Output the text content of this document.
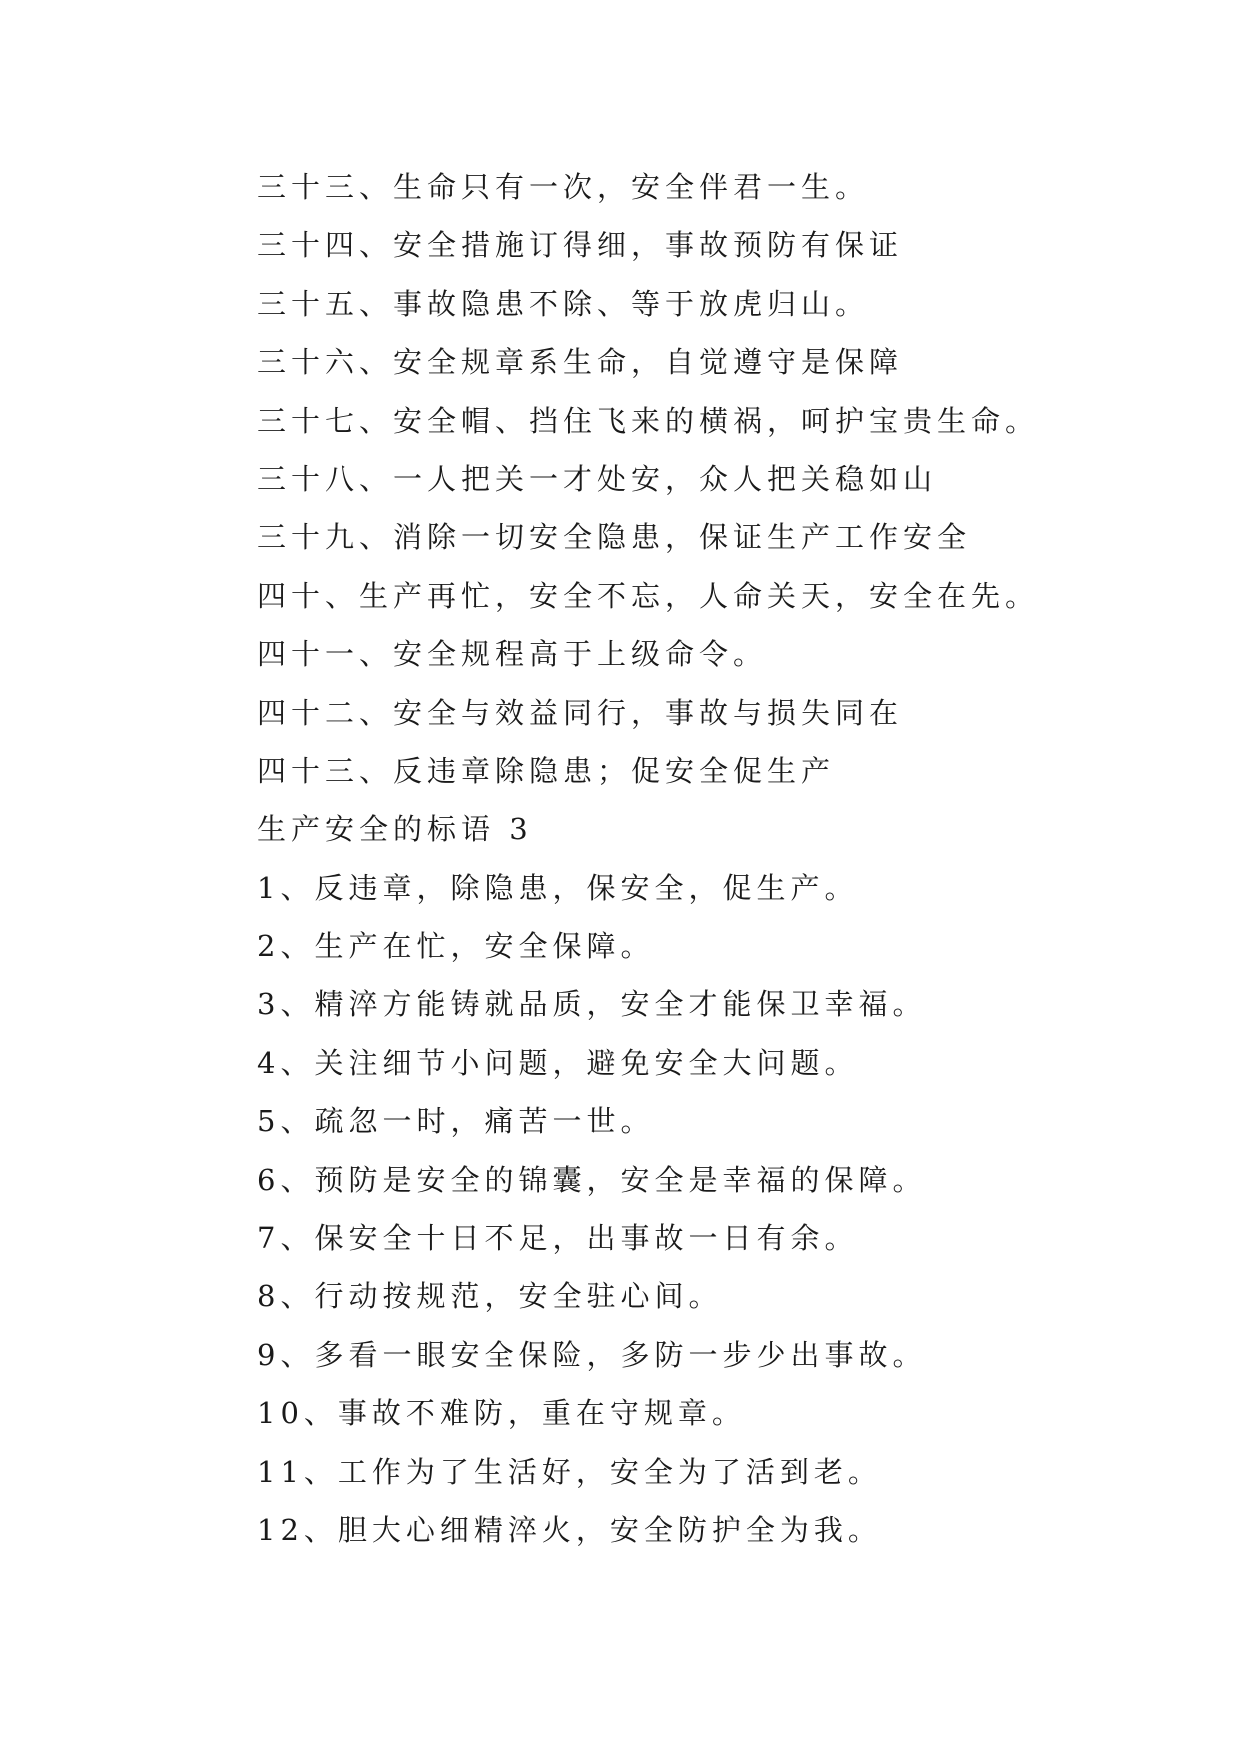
三十三、生命只有一次，安全伴君一生。
三十四、安全措施订得细，事故预防有保证
三十五、事故隐患不除、等于放虎归山。
三十六、安全规章系生命，自觉遵守是保障
三十七、安全帽、挡住飞来的横祸，呵护宝贵生命。
三十八、一人把关一才处安，众人把关稳如山
三十九、消除一切安全隐患，保证生产工作安全
四十、生产再忙，安全不忘，人命关天，安全在先。
四十一、安全规程高于上级命令。
四十二、安全与效益同行，事故与损失同在
四十三、反违章除隐患；促安全促生产
生产安全的标语 3
1、反违章，除隐患，保安全，促生产。
2、生产在忙，安全保障。
3、精淬方能铸就品质，安全才能保卫幸福。
4、关注细节小问题，避免安全大问题。
5、疏忽一时，痛苦一世。
6、预防是安全的锦囊，安全是幸福的保障。
7、保安全十日不足，出事故一日有余。
8、行动按规范，安全驻心间。
9、多看一眼安全保险，多防一步少出事故。
10、事故不难防，重在守规章。
11、工作为了生活好，安全为了活到老。
12、胆大心细精淬火，安全防护全为我。
